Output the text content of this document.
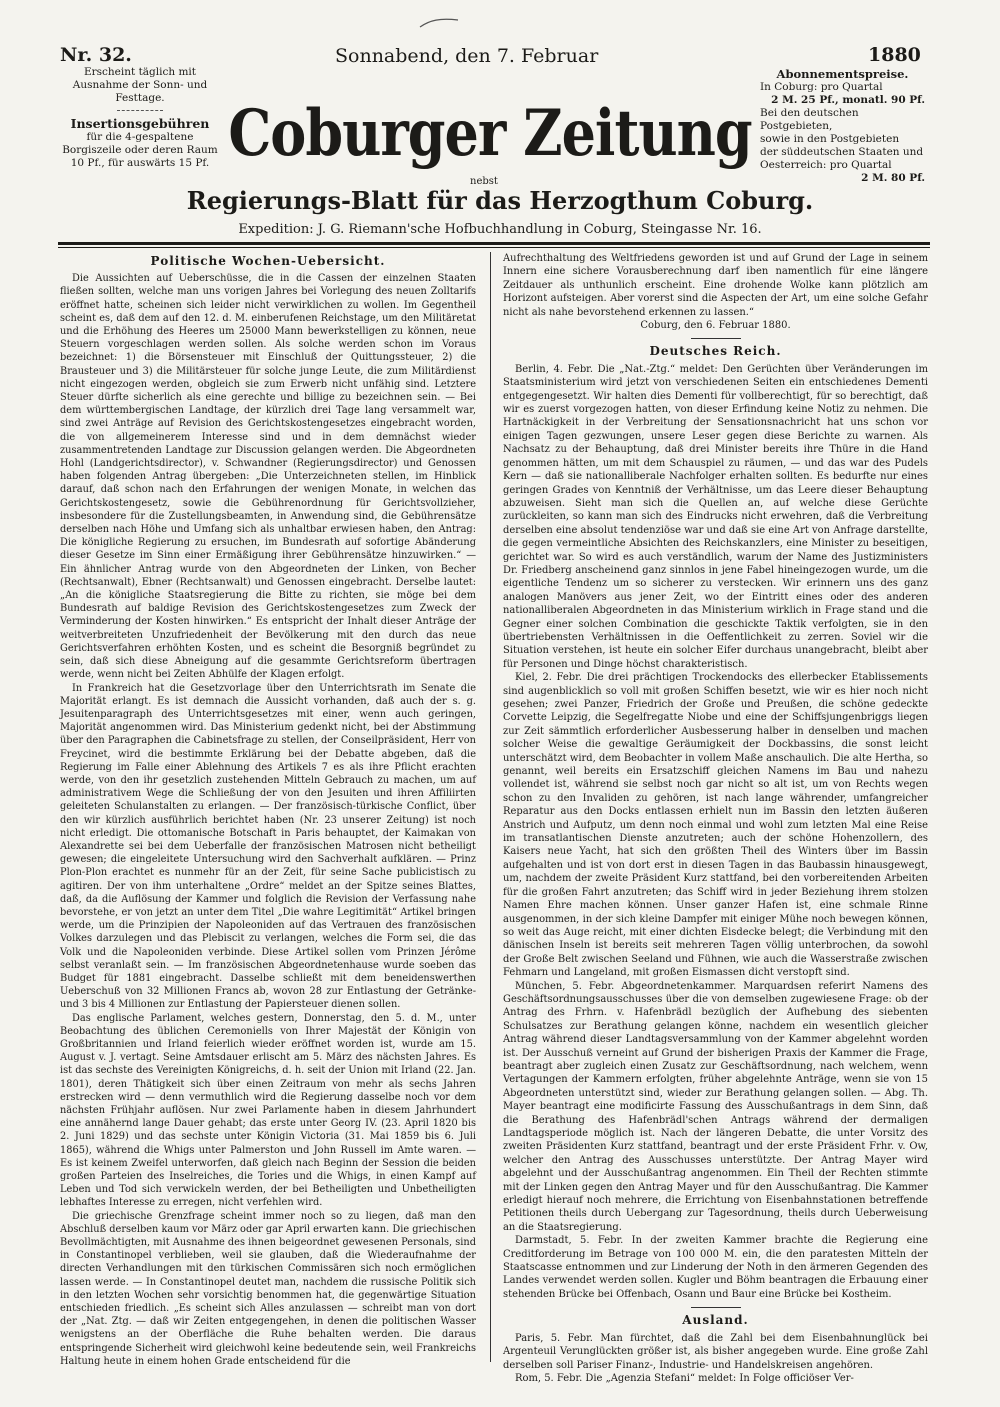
Nr. 32.
Erscheint täglich mit Ausnahme der Sonn- und Festtage.
Insertionsgebühren
für die 4-gespaltene Borgiszeile oder deren Raum 10 Pf., für auswärts 15 Pf.
Sonnabend, den 7. Februar	1880
Abonnementspreise.
In Coburg: pro Quartal
2 M. 25 Pf., monatl. 90 Pf.
Bei den deutschen Postgebieten,
sowie in den Postgebieten
der süddeutschen Staaten und
Oesterreich: pro Quartal
2 M. 80 Pf.
Coburger Zeitung
nebst
Regierungs-Blatt für das Herzogthum Coburg.
Expedition: J. G. Riemann'sche Hofbuchhandlung in Coburg, Steingasse Nr. 16.
Politische Wochen-Uebersicht.

Die Aussichten auf Ueberschüsse, die in die Cassen der einzelnen Staaten fließen sollten, welche man uns vorigen Jahres bei Vorlegung des neuen Zolltarifs eröffnet hatte, scheinen sich leider nicht verwirklichen zu wollen. Im Gegentheil scheint es, daß dem auf den 12. d. M. einberufenen Reichstage, um den Militäretat und die Erhöhung des Heeres um 25000 Mann bewerkstelligen zu können, neue Steuern vorgeschlagen werden sollen. Als solche werden schon im Voraus bezeichnet: 1) die Börsensteuer mit Einschluß der Quittungssteuer, 2) die Brausteuer und 3) die Militärsteuer für solche junge Leute, die zum Militärdienst nicht eingezogen werden, obgleich sie zum Erwerb nicht unfähig sind. Letztere Steuer dürfte sicherlich als eine gerechte und billige zu bezeichnen sein. — Bei dem württembergischen Landtage, der kürzlich drei Tage lang versammelt war, sind zwei Anträge auf Revision des Gerichtskostengesetzes eingebracht worden, die von allgemeinerem Interesse sind und in dem demnächst wieder zusammentretenden Landtage zur Discussion gelangen werden. Die Abgeordneten Hohl (Landgerichtsdirector), v. Schwandner (Regierungsdirector) und Genossen haben folgenden Antrag übergeben: „Die Unterzeichneten stellen, im Hinblick darauf, daß schon nach den Erfahrungen der wenigen Monate, in welchen das Gerichtskostengesetz, sowie die Gebührenordnung für Gerichtsvollzieher, insbesondere für die Zustellungsbeamten, in Anwendung sind, die Gebührensätze derselben nach Höhe und Umfang sich als unhaltbar erwiesen haben, den Antrag: Die königliche Regierung zu ersuchen, im Bundesrath auf sofortige Abänderung dieser Gesetze im Sinn einer Ermäßigung ihrer Gebührensätze hinzuwirken.“ — Ein ähnlicher Antrag wurde von den Abgeordneten der Linken, von Becher (Rechtsanwalt), Ebner (Rechtsanwalt) und Genossen eingebracht. Derselbe lautet: „An die königliche Staatsregierung die Bitte zu richten, sie möge bei dem Bundesrath auf baldige Revision des Gerichtskostengesetzes zum Zweck der Verminderung der Kosten hinwirken.“ Es entspricht der Inhalt dieser Anträge der weitverbreiteten Unzufriedenheit der Bevölkerung mit den durch das neue Gerichtsverfahren erhöhten Kosten, und es scheint die Besorgniß begründet zu sein, daß sich diese Abneigung auf die gesammte Gerichtsreform übertragen werde, wenn nicht bei Zeiten Abhülfe der Klagen erfolgt.

In Frankreich hat die Gesetzvorlage über den Unterrichtsrath im Senate die Majorität erlangt. Es ist demnach die Aussicht vorhanden, daß auch der s. g. Jesuitenparagraph des Unterrichtsgesetzes mit einer, wenn auch geringen, Majorität angenommen wird. Das Ministerium gedenkt nicht, bei der Abstimmung über den Paragraphen die Cabinetsfrage zu stellen, der Conseilpräsident, Herr von Freycinet, wird die bestimmte Erklärung bei der Debatte abgeben, daß die Regierung im Falle einer Ablehnung des Artikels 7 es als ihre Pflicht erachten werde, von den ihr gesetzlich zustehenden Mitteln Gebrauch zu machen, um auf administrativem Wege die Schließung der von den Jesuiten und ihren Affiliirten geleiteten Schulanstalten zu erlangen. — Der französisch-türkische Conflict, über den wir kürzlich ausführlich berichtet haben (Nr. 23 unserer Zeitung) ist noch nicht erledigt. Die ottomanische Botschaft in Paris behauptet, der Kaimakan von Alexandrette sei bei dem Ueberfalle der französischen Matrosen nicht betheiligt gewesen; die eingeleitete Untersuchung wird den Sachverhalt aufklären. — Prinz Plon-Plon erachtet es nunmehr für an der Zeit, für seine Sache publicistisch zu agitiren. Der von ihm unterhaltene „Ordre“ meldet an der Spitze seines Blattes, daß, da die Auflösung der Kammer und folglich die Revision der Verfassung nahe bevorstehe, er von jetzt an unter dem Titel „Die wahre Legitimität“ Artikel bringen werde, um die Prinzipien der Napoleoniden auf das Vertrauen des französischen Volkes darzulegen und das Plebiscit zu verlangen, welches die Form sei, die das Volk und die Napoleoniden verbinde. Diese Artikel sollen vom Prinzen Jérôme selbst veranlaßt sein. — Im französischen Abgeordnetenhause wurde soeben das Budget für 1881 eingebracht. Dasselbe schließt mit dem beneidenswerthen Ueberschuß von 32 Millionen Francs ab, wovon 28 zur Entlastung der Getränke- und 3 bis 4 Millionen zur Entlastung der Papiersteuer dienen sollen.

Das englische Parlament, welches gestern, Donnerstag, den 5. d. M., unter Beobachtung des üblichen Ceremoniells von Ihrer Majestät der Königin von Großbritannien und Irland feierlich wieder eröffnet worden ist, wurde am 15. August v. J. vertagt. Seine Amtsdauer erlischt am 5. März des nächsten Jahres. Es ist das sechste des Vereinigten Königreichs, d. h. seit der Union mit Irland (22. Jan. 1801), deren Thätigkeit sich über einen Zeitraum von mehr als sechs Jahren erstrecken wird — denn vermuthlich wird die Regierung dasselbe noch vor dem nächsten Frühjahr auflösen. Nur zwei Parlamente haben in diesem Jahrhundert eine annähernd lange Dauer gehabt; das erste unter Georg IV. (23. April 1820 bis 2. Juni 1829) und das sechste unter Königin Victoria (31. Mai 1859 bis 6. Juli 1865), während die Whigs unter Palmerston und John Russell im Amte waren. — Es ist keinem Zweifel unterworfen, daß gleich nach Beginn der Session die beiden großen Parteien des Inselreiches, die Tories und die Whigs, in einen Kampf auf Leben und Tod sich verwickeln werden, der bei Betheiligten und Unbetheiligten lebhaftes Interesse zu erregen, nicht verfehlen wird.

Die griechische Grenzfrage scheint immer noch so zu liegen, daß man den Abschluß derselben kaum vor März oder gar April erwarten kann. Die griechischen Bevollmächtigten, mit Ausnahme des ihnen beigeordnet gewesenen Personals, sind in Constantinopel verblieben, weil sie glauben, daß die Wiederaufnahme der directen Verhandlungen mit den türkischen Commissären sich noch ermöglichen lassen werde. — In Constantinopel deutet man, nachdem die russische Politik sich in den letzten Wochen sehr vorsichtig benommen hat, die gegenwärtige Situation entschieden friedlich. „Es scheint sich Alles anzulassen — schreibt man von dort der „Nat. Ztg. — daß wir Zeiten entgegengehen, in denen die politischen Wasser wenigstens an der Oberfläche die Ruhe behalten werden. Die daraus entspringende Sicherheit wird gleichwohl keine bedeutende sein, weil Frankreichs Haltung heute in einem hohen Grade entscheidend für die

Aufrechthaltung des Weltfriedens geworden ist und auf Grund der Lage in seinem Innern eine sichere Vorausberechnung darf iben namentlich für eine längere Zeitdauer als unthunlich erscheint. Eine drohende Wolke kann plötzlich am Horizont aufsteigen. Aber vorerst sind die Aspecten der Art, um eine solche Gefahr nicht als nahe bevorstehend erkennen zu lassen.“

Coburg, den 6. Februar 1880.

Deutsches Reich.

Berlin, 4. Febr. Die „Nat.-Ztg.“ meldet: Den Gerüchten über Veränderungen im Staatsministerium wird jetzt von verschiedenen Seiten ein entschiedenes Dementi entgegengesetzt. Wir halten dies Dementi für vollberechtigt, für so berechtigt, daß wir es zuerst vorgezogen hatten, von dieser Erfindung keine Notiz zu nehmen. Die Hartnäckigkeit in der Verbreitung der Sensationsnachricht hat uns schon vor einigen Tagen gezwungen, unsere Leser gegen diese Berichte zu warnen. Als Nachsatz zu der Behauptung, daß drei Minister bereits ihre Thüre in die Hand genommen hätten, um mit dem Schauspiel zu räumen, — und das war des Pudels Kern — daß sie nationalliberale Nachfolger erhalten sollten. Es bedurfte nur eines geringen Grades von Kenntniß der Verhältnisse, um das Leere dieser Behauptung abzuweisen. Sieht man sich die Quellen an, auf welche diese Gerüchte zurückleiten, so kann man sich des Eindrucks nicht erwehren, daß die Verbreitung derselben eine absolut tendenziöse war und daß sie eine Art von Anfrage darstellte, die gegen vermeintliche Absichten des Reichskanzlers, eine Minister zu beseitigen, gerichtet war. So wird es auch verständlich, warum der Name des Justizministers Dr. Friedberg anscheinend ganz sinnlos in jene Fabel hineingezogen wurde, um die eigentliche Tendenz um so sicherer zu verstecken. Wir erinnern uns des ganz analogen Manövers aus jener Zeit, wo der Eintritt eines oder des anderen nationalliberalen Abgeordneten in das Ministerium wirklich in Frage stand und die Gegner einer solchen Combination die geschickte Taktik verfolgten, sie in den übertriebensten Verhältnissen in die Oeffentlichkeit zu zerren. Soviel wir die Situation verstehen, ist heute ein solcher Eifer durchaus unangebracht, bleibt aber für Personen und Dinge höchst charakteristisch.

Kiel, 2. Febr. Die drei prächtigen Trockendocks des ellerbecker Etablissements sind augenblicklich so voll mit großen Schiffen besetzt, wie wir es hier noch nicht gesehen; zwei Panzer, Friedrich der Große und Preußen, die schöne gedeckte Corvette Leipzig, die Segelfregatte Niobe und eine der Schiffsjungenbriggs liegen zur Zeit sämmtlich erforderlicher Ausbesserung halber in denselben und machen solcher Weise die gewaltige Geräumigkeit der Dockbassins, die sonst leicht unterschätzt wird, dem Beobachter in vollem Maße anschaulich. Die alte Hertha, so genannt, weil bereits ein Ersatzschiff gleichen Namens im Bau und nahezu vollendet ist, während sie selbst noch gar nicht so alt ist, um von Rechts wegen schon zu den Invaliden zu gehören, ist nach lange währender, umfangreicher Reparatur aus den Docks entlassen erhielt nun im Bassin den letzten äußeren Anstrich und Aufputz, um denn noch einmal und wohl zum letzten Mal eine Reise im transatlantischen Dienste anzutreten; auch der schöne Hohenzollern, des Kaisers neue Yacht, hat sich den größten Theil des Winters über im Bassin aufgehalten und ist von dort erst in diesen Tagen in das Baubassin hinausgewegt, um, nachdem der zweite Präsident Kurz stattfand, bei den vorbereitenden Arbeiten für die großen Fahrt anzutreten; das Schiff wird in jeder Beziehung ihrem stolzen Namen Ehre machen können. Unser ganzer Hafen ist, eine schmale Rinne ausgenommen, in der sich kleine Dampfer mit einiger Mühe noch bewegen können, so weit das Auge reicht, mit einer dichten Eisdecke belegt; die Verbindung mit den dänischen Inseln ist bereits seit mehreren Tagen völlig unterbrochen, da sowohl der Große Belt zwischen Seeland und Fühnen, wie auch die Wasserstraße zwischen Fehmarn und Langeland, mit großen Eismassen dicht verstopft sind.

München, 5. Febr. Abgeordnetenkammer. Marquardsen referirt Namens des Geschäftsordnungsausschusses über die von demselben zugewiesene Frage: ob der Antrag des Frhrn. v. Hafenbrädl bezüglich der Aufhebung des siebenten Schulsatzes zur Berathung gelangen könne, nachdem ein wesentlich gleicher Antrag während dieser Landtagsversammlung von der Kammer abgelehnt worden ist. Der Ausschuß verneint auf Grund der bisherigen Praxis der Kammer die Frage, beantragt aber zugleich einen Zusatz zur Geschäftsordnung, nach welchem, wenn Vertagungen der Kammern erfolgten, früher abgelehnte Anträge, wenn sie von 15 Abgeordneten unterstützt sind, wieder zur Berathung gelangen sollen. — Abg. Th. Mayer beantragt eine modificirte Fassung des Ausschußantrags in dem Sinn, daß die Berathung des Hafenbrädl'schen Antrags während der dermaligen Landtagsperiode möglich ist. Nach der längeren Debatte, die unter Vorsitz des zweiten Präsidenten Kurz stattfand, beantragt und der erste Präsident Frhr. v. Ow, welcher den Antrag des Ausschusses unterstützte. Der Antrag Mayer wird abgelehnt und der Ausschußantrag angenommen. Ein Theil der Rechten stimmte mit der Linken gegen den Antrag Mayer und für den Ausschußantrag. Die Kammer erledigt hierauf noch mehrere, die Errichtung von Eisenbahnstationen betreffende Petitionen theils durch Uebergang zur Tagesordnung, theils durch Ueberweisung an die Staatsregierung.

Darmstadt, 5. Febr. In der zweiten Kammer brachte die Regierung eine Creditforderung im Betrage von 100 000 M. ein, die den paratesten Mitteln der Staatscasse entnommen und zur Linderung der Noth in den ärmeren Gegenden des Landes verwendet werden sollen. Kugler und Böhm beantragen die Erbauung einer stehenden Brücke bei Offenbach, Osann und Baur eine Brücke bei Kostheim.

Ausland.

Paris, 5. Febr. Man fürchtet, daß die Zahl bei dem Eisenbahnunglück bei Argenteuil Verunglückten größer ist, als bisher angegeben wurde. Eine große Zahl derselben soll Pariser Finanz-, Industrie- und Handelskreisen angehören.

Rom, 5. Febr. Die „Agenzia Stefani“ meldet: In Folge officiöser Ver-
